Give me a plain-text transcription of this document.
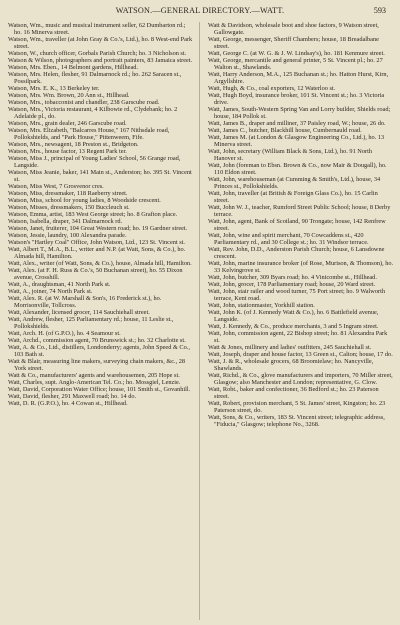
WATSON.—GENERAL DIRECTORY.—WATT.	593
Watson, Wm., music and musical instrument seller, 62 Dumbarton rd.; ho. 16 Minerva street.
Watson, Wm., traveller (at John Gray & Co.'s, Ltd.), ho. 8 West-end Park street.
Watson, W., church officer, Gorbals Parish Church; ho. 3 Nicholson st.
Watson & Wilson, photographers and portrait painters, 83 Jamaica street.
Watson, Mrs. Eben., 14 Belmont gardens, Hillhead.
Watson, Mrs. Helen, flesher, 91 Dalmarnock rd.; ho. 262 Saracen st., Possilpark.
Watson, Mrs. E. K., 13 Berkeley ter.
Watson, Mrs. Wm. Brown, 20 Ann st., Hillhead.
Watson, Mrs., tobacconist and chandler, 238 Garscube road.
Watson, Mrs., Victoria restaurant, 4 Kilbowie rd., Clydebank; ho. 2 Adelaide pl., do.
Watson, Mrs., grain dealer, 246 Garscube road.
Watson, Mrs. Elizabeth, "Balcarres House," 167 Nithsdale road, Pollokshields, and "Park House," Pittenweem, Fife.
Watson, Mrs., newsagent, 18 Preston st., Bridgeton.
Watson, Mrs., house factor, 13 Regent Park ter.
Watson, Miss J., principal of Young Ladies' School, 56 Grange road, Langside.
Watson, Miss Jeanie, baker, 141 Main st., Anderston; ho. 395 St. Vincent st.
Watson, Miss West, 7 Grosvenor cres.
Watson, Miss, dressmaker, 118 Raeberry street.
Watson, Miss, school for young ladies, 8 Woodside crescent.
Watson, Misses, dressmakers, 150 Buccleuch st.
Watson, Emma, artist, 183 West George street; ho. 8 Grafton place.
Watson, Isabella, draper, 341 Dalmarnock rd.
Watson, Janet, fruiterer, 104 Great Western road; ho. 19 Gardner street.
Watson, Jessie, laundry, 100 Alexandra parade.
Watson's "Hartley Coal" Office, John Watson, Ltd., 123 St. Vincent st.
Watt, Albert T., M.A., B.L., writer and N.P. (at Watt, Sons, & Co.), ho. Almada hill, Hamilton.
Watt, Alex., writer (of Watt, Sons, & Co.), house, Almada hill, Hamilton.
Watt, Alex. (at F. H. Russ & Co.'s, 50 Buchanan street), ho. 55 Dixon avenue, Crosshill.
Watt, A., draughtsman, 41 North Park st.
Watt, A., joiner, 74 North Park st.
Watt, Alex. R. (at W. Marshall & Son's, 16 Frederick st.), ho. Morrisonville, Tollcross.
Watt, Alexander, licensed grocer, 114 Sauchiehall street.
Watt, Andrew, flesher, 125 Parliamentary rd.; house, 11 Leslie st., Pollokshields.
Watt, Arch. H. (of G.P.O.), ho. 4 Seamour st.
Watt, Archd., commission agent, 70 Brunswick st.; ho. 32 Charlotte st.
Watt, A. & Co., Ltd., distillers, Londonderry; agents, John Speed & Co., 103 Bath st.
Watt & Blair, measuring line makers, surveying chain makers, &c., 28 York street.
Watt & Co., manufacturers' agents and warehousemen, 205 Hope st.
Watt, Charles, supt. Anglo-American Tel. Co.; ho. Mossgiel, Lenzie.
Watt, David, Corporation Water Office; house, 101 Smith st., Govanhill.
Watt, David, flesher, 291 Maxwell road; ho. 14 do.
Watt, D. R. (G.P.O.), ho. 4 Cowan st., Hillhead.
Watt & Davidson, wholesale boot and shoe factors, 9 Watson street, Gallowgate.
Watt, George, messenger, Sheriff Chambers; house, 18 Breadalbane street.
Watt, George C. (at W. G. & J. W. Lindsay's), ho. 181 Kenmure street.
Watt, George, mercantile and general printer, 5 St. Vincent pl.; ho. 27 Walton st., Shawlands.
Watt, Harry Anderson, M.A., 125 Buchanan st.; ho. Hatton Hurst, Kirn, Argyllshire.
Watt, Hugh, & Co., coal exporters, 12 Waterloo st.
Watt, Hugh Boyd, insurance broker, 101 St. Vincent st.; ho. 3 Victoria drive.
Watt, James, South-Western Spring Van and Lorry builder, Shields road; house, 184 Pollok st.
Watt, James B., draper and milliner, 37 Paisley road, W.; house, 26 do.
Watt, James C., butcher, Blackhill house, Cumbernauld road.
Watt, James M. (at London & Glasgow Engineering Co., Ltd.), ho. 13 Minerva street.
Watt, John, secretary (William Black & Sons, Ltd.), ho. 91 North Hanover st.
Watt, John (foreman to Ebsn. Brown & Co., now Mair & Dougall), ho. 110 Eldon street.
Watt, John, warehouseman (at Cumming & Smith's, Ltd.), house, 34 Princes st., Pollokshields.
Watt, John, traveller (at British & Foreign Glass Co.), ho. 15 Carlin street.
Watt, John W. J., teacher, Rumford Street Public School; house, 8 Derby terrace.
Watt, John, agent, Bank of Scotland, 90 Trongate; house, 142 Renfrew street.
Watt, John, wine and spirit merchant, 70 Cowcaddens st., 420 Parliamentary rd., and 30 College st.; ho. 31 Windsor terrace.
Watt, Rev. John, D.D., Anderston Parish Church; house, 6 Lansdowne crescent.
Watt, John, marine insurance broker (of Rose, Murison, & Thomson), ho. 33 Kelvingrove st.
Watt, John, butcher, 309 Byars road; ho. 4 Vinicombe st., Hillhead.
Watt, John, grocer, 178 Parliamentary road; house, 20 Ward street.
Watt, John, stair railer and wood turner, 75 Port street; ho. 9 Walworth terrace, Kent road.
Watt, John, stationmaster, Yorkhill station.
Watt, John K. (of J. Kennedy Watt & Co.), ho. 6 Battlefield avenue, Langside.
Watt, J. Kennedy, & Co., produce merchants, 3 and 5 Ingram street.
Watt, John, commission agent, 22 Bishop street; ho. 81 Alexandra Park st.
Watt & Jones, millinery and ladies' outfitters, 245 Sauchiehall st.
Watt, Joseph, draper and house factor, 13 Green st., Calton; house, 17 do.
Watt, J. & R., wholesale grocers, 68 Broomielaw; ho. Nancyville, Shawlands.
Watt, Richd., & Co., glove manufacturers and importers, 70 Miller street, Glasgow; also Manchester and London; representative, G. Clow.
Watt, Robt., baker and confectioner, 36 Bedford st.; ho. 23 Paterson street.
Watt, Robert, provision merchant, 5 St. James' street, Kingston; ho. 23 Paterson street, do.
Watt, Sons, & Co., writers, 183 St. Vincent street; telegraphic address, "Fiducia," Glasgow; telephone No., 3268.
